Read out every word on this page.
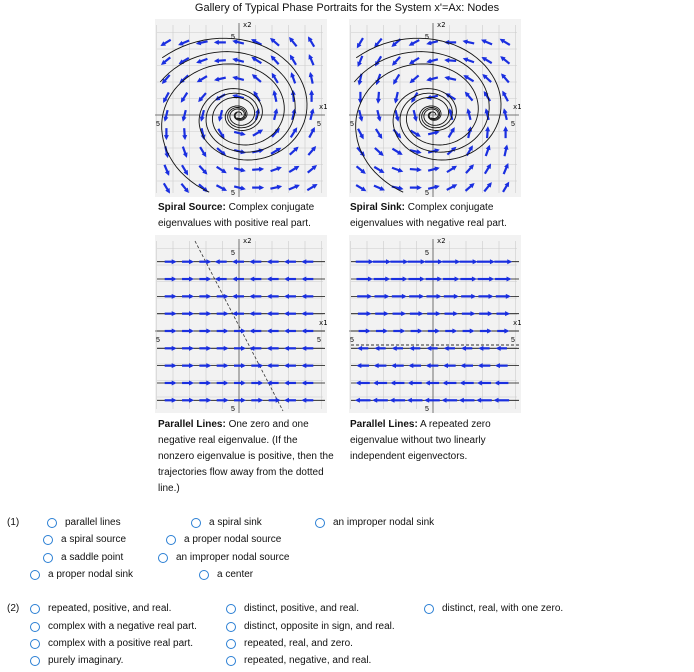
Gallery of Typical Phase Portraits for the System x'=Ax: Nodes
x1
x2
5
5	5
5
Spiral Source: Complex conjugate eigenvalues with positive real part.
x1
x2
5
5	5
5
Spiral Sink: Complex conjugate eigenvalues with negative real part.
x1
x2
5
5	5
5
Parallel Lines: One zero and one negative real eigenvalue. (If the nonzero eigenvalue is positive, then the trajectories flow away from the dotted line.)
x1
x2
5
5	5
5
Parallel Lines: A repeated zero eigenvalue without two linearly independent eigenvectors.
(1)	parallel lines	a spiral sink	an improper nodal sink
a spiral source	a proper nodal source
a saddle point	an improper nodal source
a proper nodal sink	a center
(2)	repeated, positive, and real.	distinct, positive, and real.	distinct, real, with one zero.
complex with a negative real part.	distinct, opposite in sign, and real.
complex with a positive real part.	repeated, real, and zero.
purely imaginary.	repeated, negative, and real.
